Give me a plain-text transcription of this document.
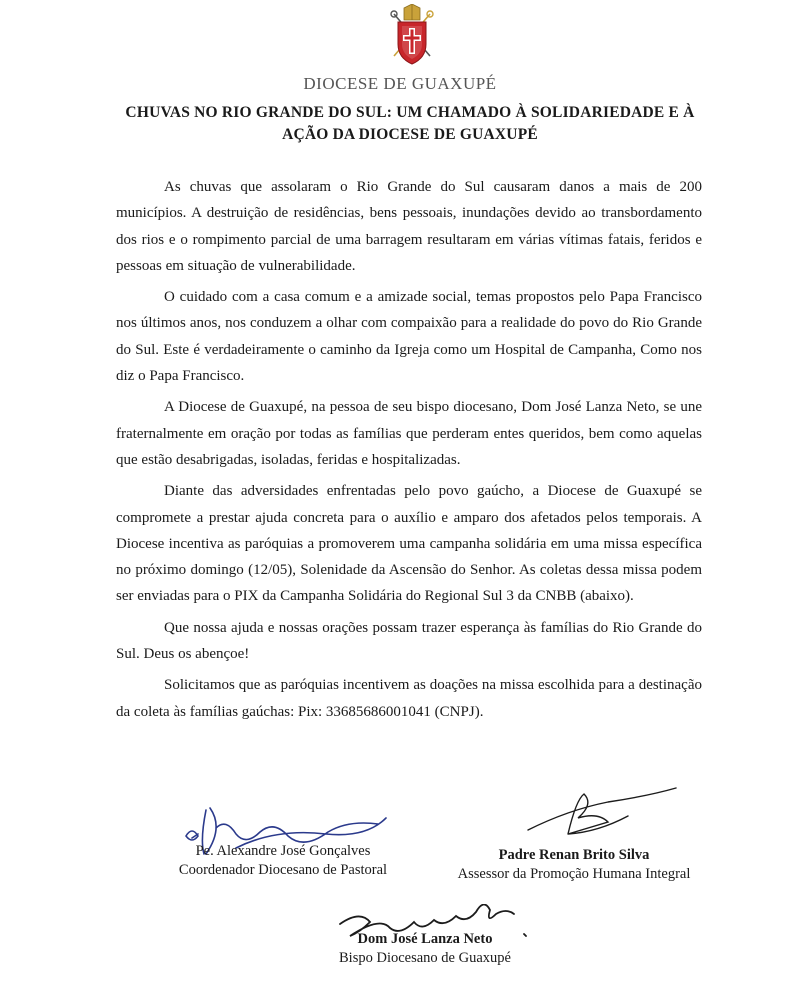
DIOCESE DE GUAXUPÉ
CHUVAS NO RIO GRANDE DO SUL: UM CHAMADO À SOLIDARIEDADE E À
AÇÃO DA DIOCESE DE GUAXUPÉ

As chuvas que assolaram o Rio Grande do Sul causaram danos a mais de 200 municípios. A destruição de residências, bens pessoais, inundações devido ao transbordamento dos rios e o rompimento parcial de uma barragem resultaram em várias vítimas fatais, feridos e pessoas em situação de vulnerabilidade.

O cuidado com a casa comum e a amizade social, temas propostos pelo Papa Francisco nos últimos anos, nos conduzem a olhar com compaixão para a realidade do povo do Rio Grande do Sul. Este é verdadeiramente o caminho da Igreja como um Hospital de Campanha, Como nos diz o Papa Francisco.

A Diocese de Guaxupé, na pessoa de seu bispo diocesano, Dom José Lanza Neto, se une fraternalmente em oração por todas as famílias que perderam entes queridos, bem como aquelas que estão desabrigadas, isoladas, feridas e hospitalizadas.

Diante das adversidades enfrentadas pelo povo gaúcho, a Diocese de Guaxupé se compromete a prestar ajuda concreta para o auxílio e amparo dos afetados pelos temporais. A Diocese incentiva as paróquias a promoverem uma campanha solidária em uma missa específica no próximo domingo (12/05), Solenidade da Ascensão do Senhor. As coletas dessa missa podem ser enviadas para o PIX da Campanha Solidária do Regional Sul 3 da CNBB (abaixo).

Que nossa ajuda e nossas orações possam trazer esperança às famílias do Rio Grande do Sul. Deus os abençoe!

Solicitamos que as paróquias incentivem as doações na missa escolhida para a destinação da coleta às famílias gaúchas: Pix: 33685686001041 (CNPJ).

Pe. Alexandre José Gonçalves
Coordenador Diocesano de Pastoral
Padre Renan Brito Silva
Assessor da Promoção Humana Integral
Dom José Lanza Neto
Bispo Diocesano de Guaxupé
